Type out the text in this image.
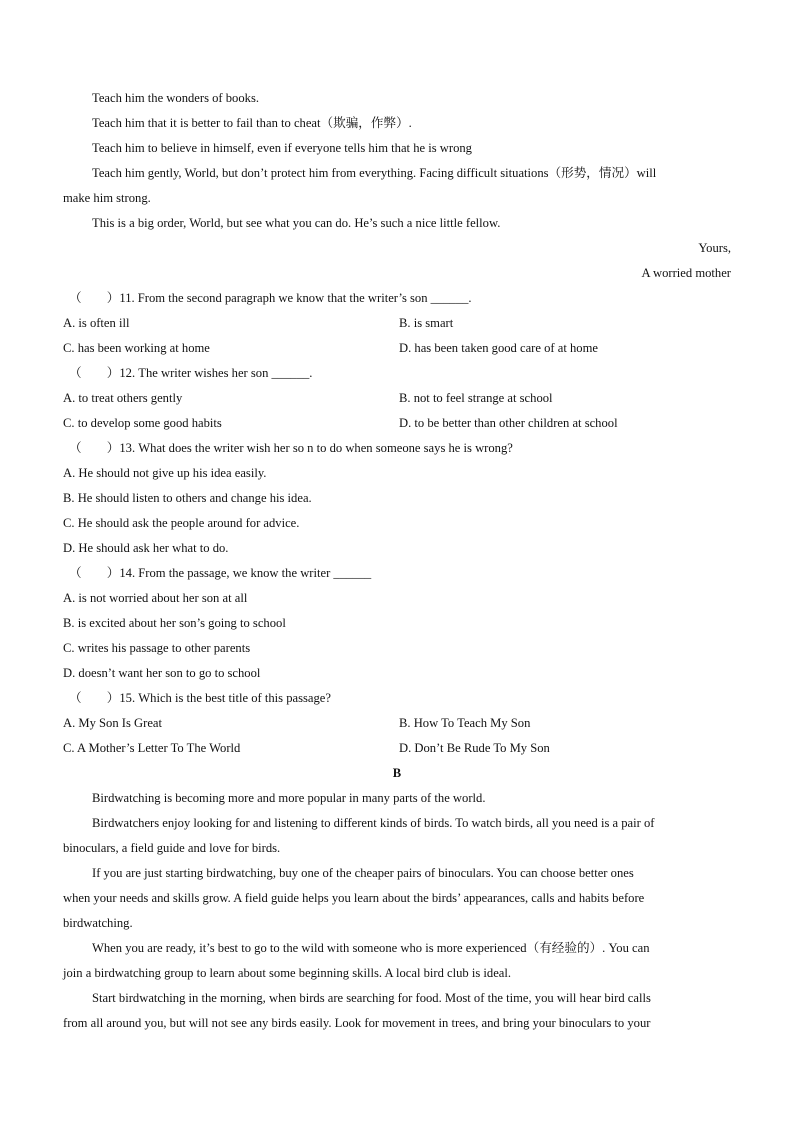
Teach him the wonders of books.
Teach him that it is better to fail than to cheat（欺骗，作弊）.
Teach him to believe in himself, even if everyone tells him that he is wrong
Teach him gently, World, but don’t protect him from everything. Facing difficult situations（形势，情况）will
make him strong.
This is a big order, World, but see what you can do. He’s such a nice little fellow.
Yours,
A worried mother
（　　）11. From the second paragraph we know that the writer’s son ______.
A. is often ill	B. is smart
C. has been working at home	D. has been taken good care of at home
（　　）12. The writer wishes her son ______.
A. to treat others gently	B. not to feel strange at school
C. to develop some good habits	D. to be better than other children at school
（　　）13. What does the writer wish her so n to do when someone says he is wrong?
A. He should not give up his idea easily.
B. He should listen to others and change his idea.
C. He should ask the people around for advice.
D. He should ask her what to do.
（　　）14. From the passage, we know the writer ______
A. is not worried about her son at all
B. is excited about her son’s going to school
C. writes his passage to other parents
D. doesn’t want her son to go to school
（　　）15. Which is the best title of this passage?
A. My Son Is Great	B. How To Teach My Son
C. A Mother’s Letter To The World	D. Don’t Be Rude To My Son
B
Birdwatching is becoming more and more popular in many parts of the world.
Birdwatchers enjoy looking for and listening to different kinds of birds. To watch birds, all you need is a pair of
binoculars, a field guide and love for birds.
If you are just starting birdwatching, buy one of the cheaper pairs of binoculars. You can choose better ones
when your needs and skills grow. A field guide helps you learn about the birds’ appearances, calls and habits before
birdwatching.
When you are ready, it’s best to go to the wild with someone who is more experienced（有经验的）. You can
join a birdwatching group to learn about some beginning skills. A local bird club is ideal.
Start birdwatching in the morning, when birds are searching for food. Most of the time, you will hear bird calls
from all around you, but will not see any birds easily. Look for movement in trees, and bring your binoculars to your
